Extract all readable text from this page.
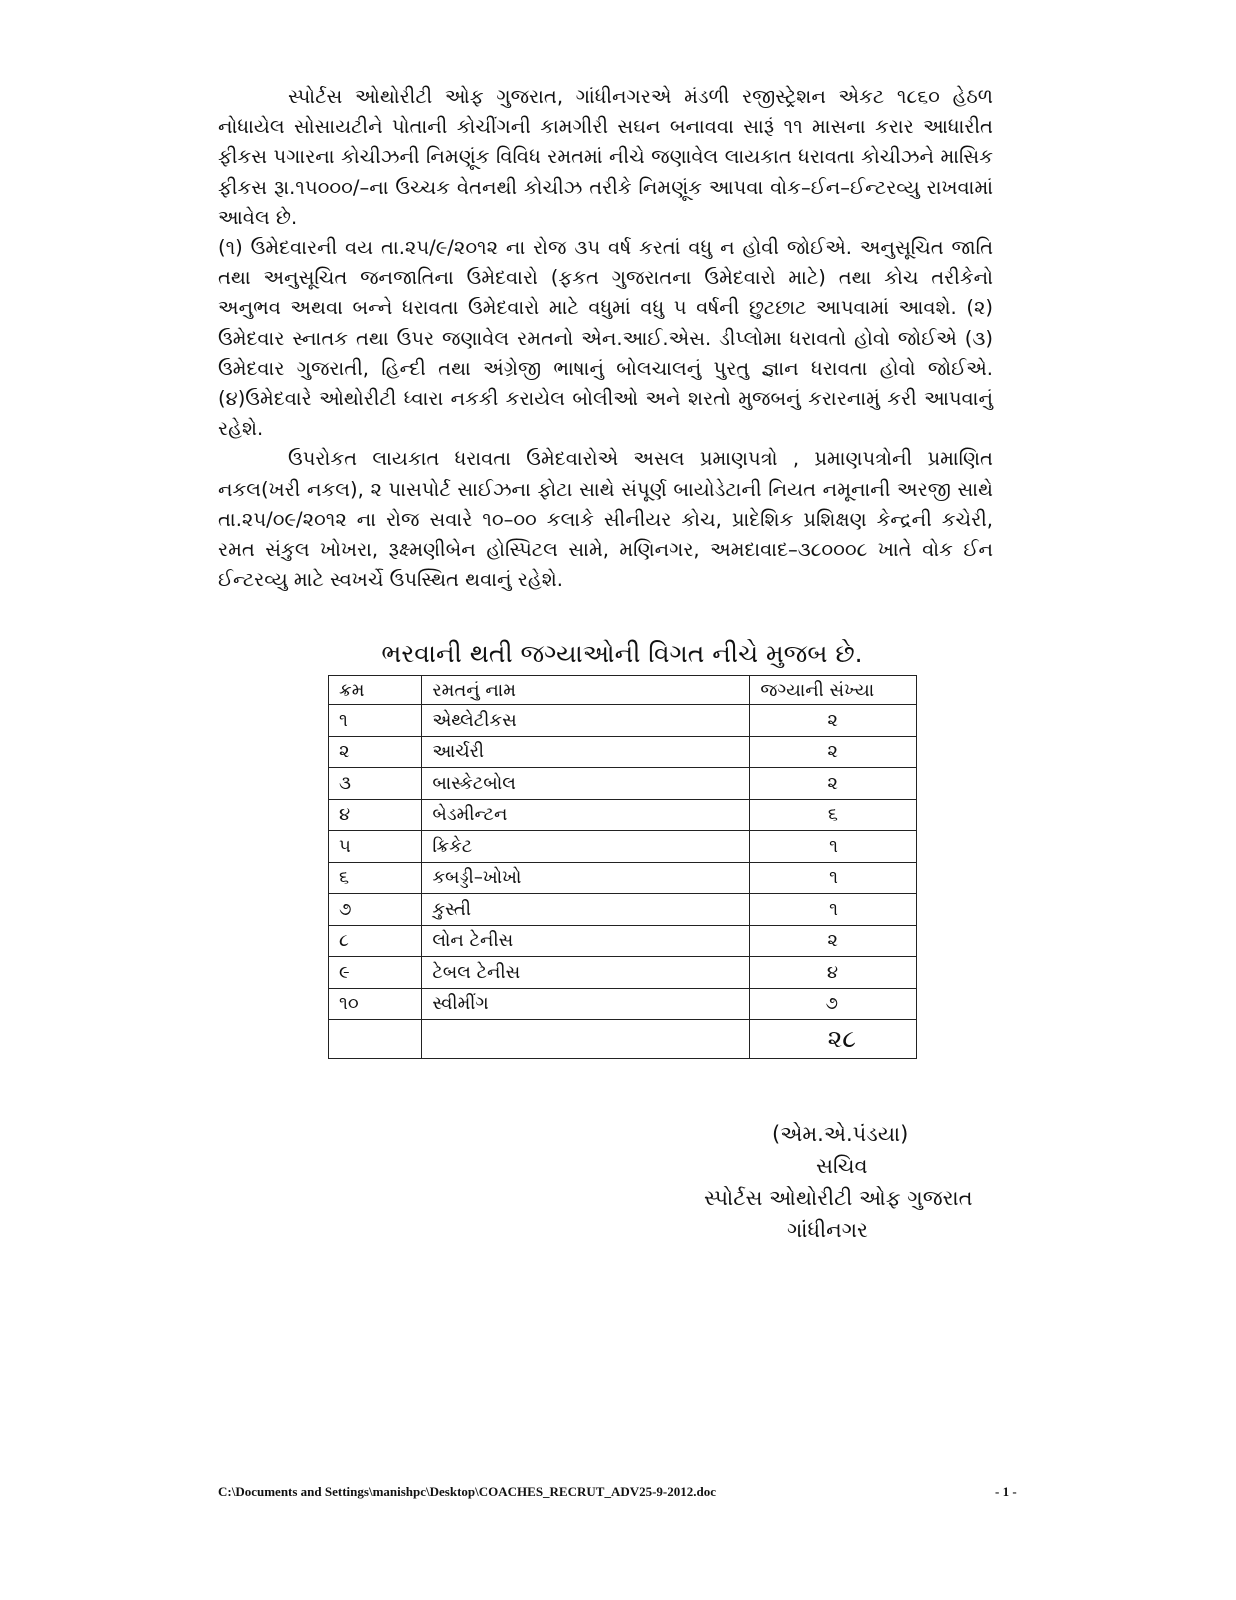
સ્પોર્ટસ ઓથોરીટી ઓફ ગુજરાત, ગાંધીનગરએ મંડળી રજીસ્ટ્રેશન એકટ ૧૮૬૦ હેઠળ નોધાયેલ સોસાયટીને પોતાની કોચીંગની કામગીરી સઘન બનાવવા સારૂં ૧૧ માસના કરાર આધારીત ફીકસ પગારના કોચીઝની નિમણૂંક વિવિધ રમતમાં નીચે જણાવેલ લાયકાત ધરાવતા કોચીઝને માસિક ફીકસ રૂા.૧૫૦૦૦/–ના ઉચ્ચક વેતનથી કોચીઝ તરીકે નિમણૂંક આપવા વોક–ઈન–ઈન્ટરવ્યુ રાખવામાં આવેલ છે.

(૧) ઉમેદવારની વય તા.૨૫/૯/૨૦૧૨ ના રોજ ૩૫ વર્ષ કરતાં વધુ ન હોવી જોઈએ. અનુસૂચિત જાતિ તથા અનુસૂચિત જનજાતિના ઉમેદવારો (ફકત ગુજરાતના ઉમેદવારો માટે) તથા કોચ તરીકેનો અનુભવ અથવા બન્ને ધરાવતા ઉમેદવારો માટે વધુમાં વધુ ૫ વર્ષની છુટછાટ આપવામાં આવશે. (૨) ઉમેદવાર સ્નાતક તથા ઉપર જણાવેલ રમતનો એન.આઈ.એસ. ડીપ્લોમા ધરાવતો હોવો જોઈએ (૩) ઉમેદવાર ગુજરાતી, હિન્દી તથા અંગ્રેજી ભાષાનું બોલચાલનું પુરતુ જ્ઞાન ધરાવતા હોવો જોઈએ. (૪)ઉમેદવારે ઓથોરીટી ધ્વારા નકકી કરાયેલ બોલીઓ અને શરતો મુજબનું કરારનામું કરી આપવાનું રહેશે.

ઉપરોકત લાયકાત ધરાવતા ઉમેદવારોએ અસલ પ્રમાણપત્રો , પ્રમાણપત્રોની પ્રમાણિત નકલ(ખરી નકલ), ૨ પાસપોર્ટ સાઈઝના ફોટા સાથે સંપૂર્ણ બાયોડેટાની નિયત નમૂનાની અરજી સાથે તા.૨૫/૦૯/૨૦૧૨ ના રોજ સવારે ૧૦–૦૦ કલાકે સીનીયર કોચ, પ્રાદેશિક પ્રશિક્ષણ કેન્દ્રની કચેરી, રમત સંકુલ ખોખરા, રૂક્ષ્મણીબેન હોસ્પિટલ સામે, મણિનગર, અમદાવાદ–૩૮૦૦૦૮ ખાતે વોક ઈન ઈન્ટરવ્યુ માટે સ્વખર્ચે ઉપસ્થિત થવાનું રહેશે.

ભરવાની થતી જગ્યાઓની વિગત નીચે મુજબ છે.
ક્રમ	રમતનું નામ	જગ્યાની સંખ્યા
૧	એથ્લેટીકસ	૨
૨	આર્ચરી	૨
૩	બાસ્કેટબોલ	૨
૪	બેડમીન્ટન	૬
૫	ક્રિકેટ	૧
૬	કબડ્ડી–ખોખો	૧
૭	કુસ્તી	૧
૮	લોન ટેનીસ	૨
૯	ટેબલ ટેનીસ	૪
૧૦	સ્વીમીંગ	૭
		૨૮
(એમ.એ.પંડયા)
સચિવ
સ્પોર્ટસ ઓથોરીટી ઓફ ગુજરાત
ગાંધીનગર
C:\Documents and Settings\manishpc\Desktop\COACHES_RECRUT_ADV25-9-2012.doc	- 1 -
